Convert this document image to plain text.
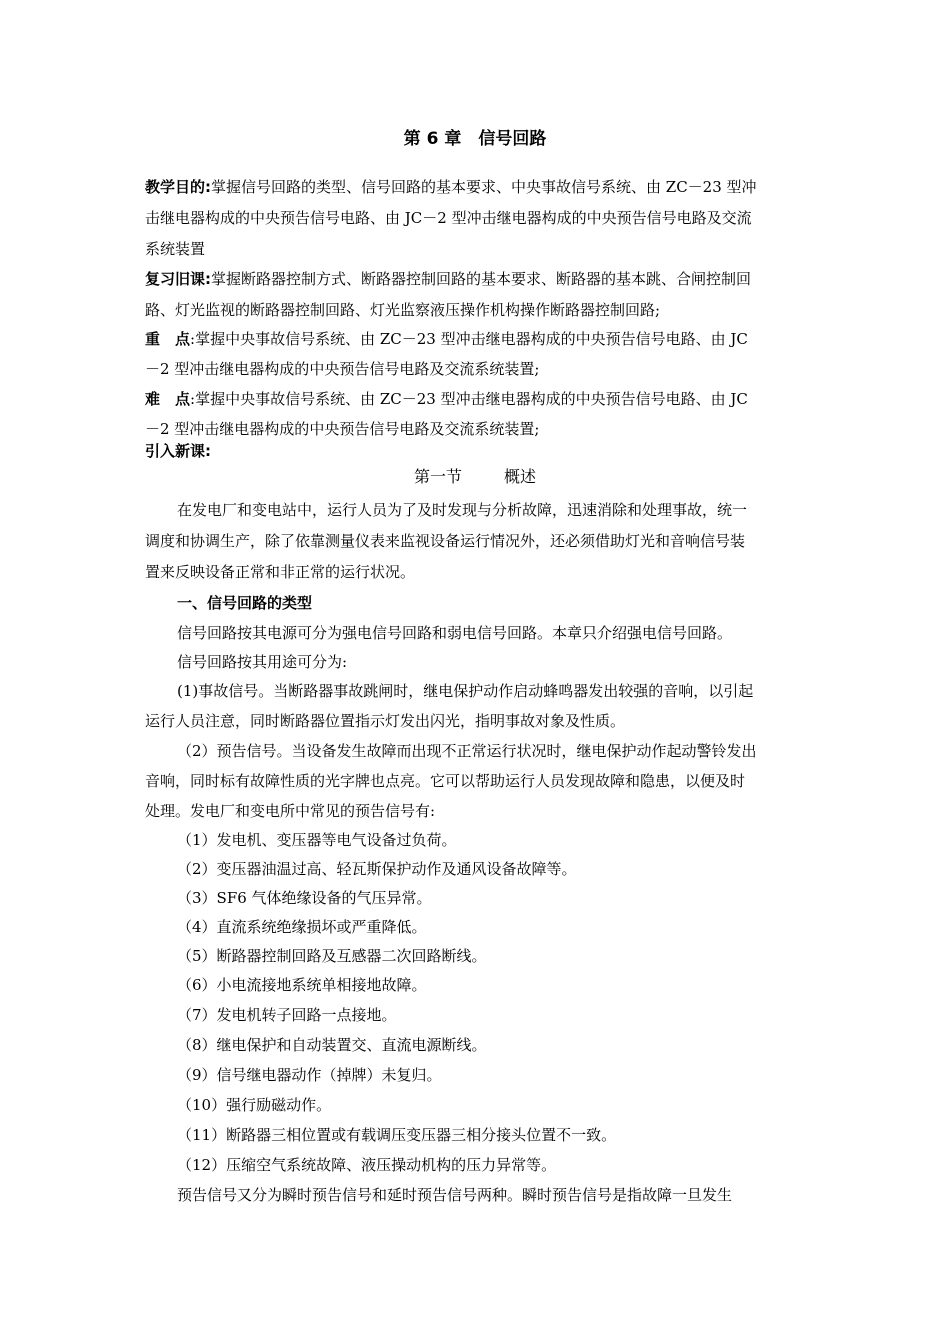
第 6 章　信号回路
教学目的:掌握信号回路的类型、信号回路的基本要求、中央事故信号系统、由 ZC－23 型冲
击继电器构成的中央预告信号电路、由 JC－2 型冲击继电器构成的中央预告信号电路及交流
系统装置
复习旧课:掌握断路器控制方式、断路器控制回路的基本要求、断路器的基本跳、合闸控制回
路、灯光监视的断路器控制回路、灯光监察液压操作机构操作断路器控制回路;
重　点:掌握中央事故信号系统、由 ZC－23 型冲击继电器构成的中央预告信号电路、由 JC
－2 型冲击继电器构成的中央预告信号电路及交流系统装置;
难　点:掌握中央事故信号系统、由 ZC－23 型冲击继电器构成的中央预告信号电路、由 JC
－2 型冲击继电器构成的中央预告信号电路及交流系统装置;
引入新课:
第一节	概述
在发电厂和变电站中，运行人员为了及时发现与分析故障，迅速消除和处理事故，统一
调度和协调生产，除了依靠测量仪表来监视设备运行情况外，还必须借助灯光和音响信号装
置来反映设备正常和非正常的运行状况。
一、信号回路的类型
信号回路按其电源可分为强电信号回路和弱电信号回路。本章只介绍强电信号回路。
信号回路按其用途可分为:
(1)事故信号。当断路器事故跳闸时，继电保护动作启动蜂鸣器发出较强的音响，以引起
运行人员注意，同时断路器位置指示灯发出闪光，指明事故对象及性质。
（2）预告信号。当设备发生故障而出现不正常运行状况时，继电保护动作起动警铃发出
音响，同时标有故障性质的光字牌也点亮。它可以帮助运行人员发现故障和隐患，以便及时
处理。发电厂和变电所中常见的预告信号有:
（1）发电机、变压器等电气设备过负荷。
（2）变压器油温过高、轻瓦斯保护动作及通风设备故障等。
（3）SF6 气体绝缘设备的气压异常。
（4）直流系统绝缘损坏或严重降低。
（5）断路器控制回路及互感器二次回路断线。
（6）小电流接地系统单相接地故障。
（7）发电机转子回路一点接地。
（8）继电保护和自动装置交、直流电源断线。
（9）信号继电器动作（掉牌）未复归。
（10）强行励磁动作。
（11）断路器三相位置或有载调压变压器三相分接头位置不一致。
（12）压缩空气系统故障、液压操动机构的压力异常等。
预告信号又分为瞬时预告信号和延时预告信号两种。瞬时预告信号是指故障一旦发生
